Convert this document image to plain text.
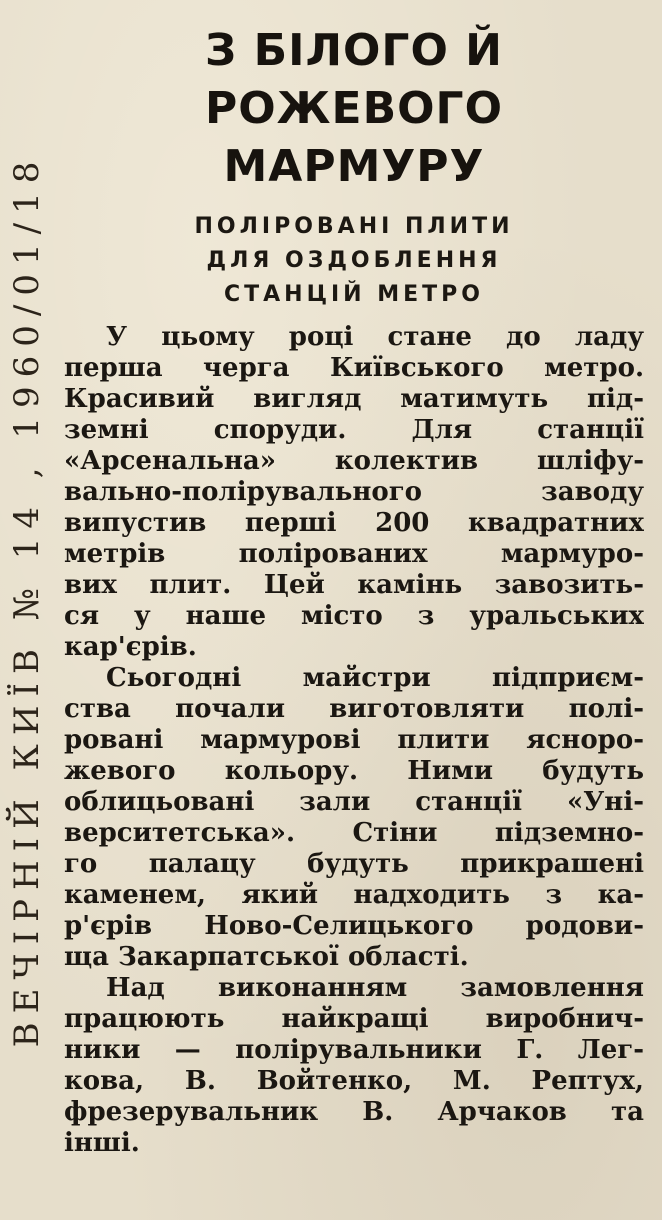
ВЕЧІРНІЙ КИЇВ № 14 , 1960/01/18
З БІЛОГО Й РОЖЕВОГО
МАРМУРУ
ПОЛІРОВАНІ ПЛИТИ
ДЛЯ ОЗДОБЛЕННЯ
СТАНЦІЙ МЕТРО
У цьому році стане до ладу
перша черга Київського метро.
Красивий вигляд матимуть під-
земні споруди. Для станції
«Арсенальна» колектив шліфу-
вально-полірувального заводу
випустив перші 200 квадратних
метрів полірованих мармуро-
вих плит. Цей камінь завозить-
ся у наше місто з уральських
кар'єрів.
Сьогодні майстри підприєм-
ства почали виготовляти полі-
ровані мармурові плити ясноро-
жевого кольору. Ними будуть
облицьовані зали станції «Уні-
верситетська». Стіни підземно-
го палацу будуть прикрашені
каменем, який надходить з ка-
р'єрів Ново-Селицького родови-
ща Закарпатської області.
Над виконанням замовлення
працюють найкращі виробнич-
ники — полірувальники Г. Лег-
кова, В. Войтенко, М. Рептух,
фрезерувальник В. Арчаков та
інші.
